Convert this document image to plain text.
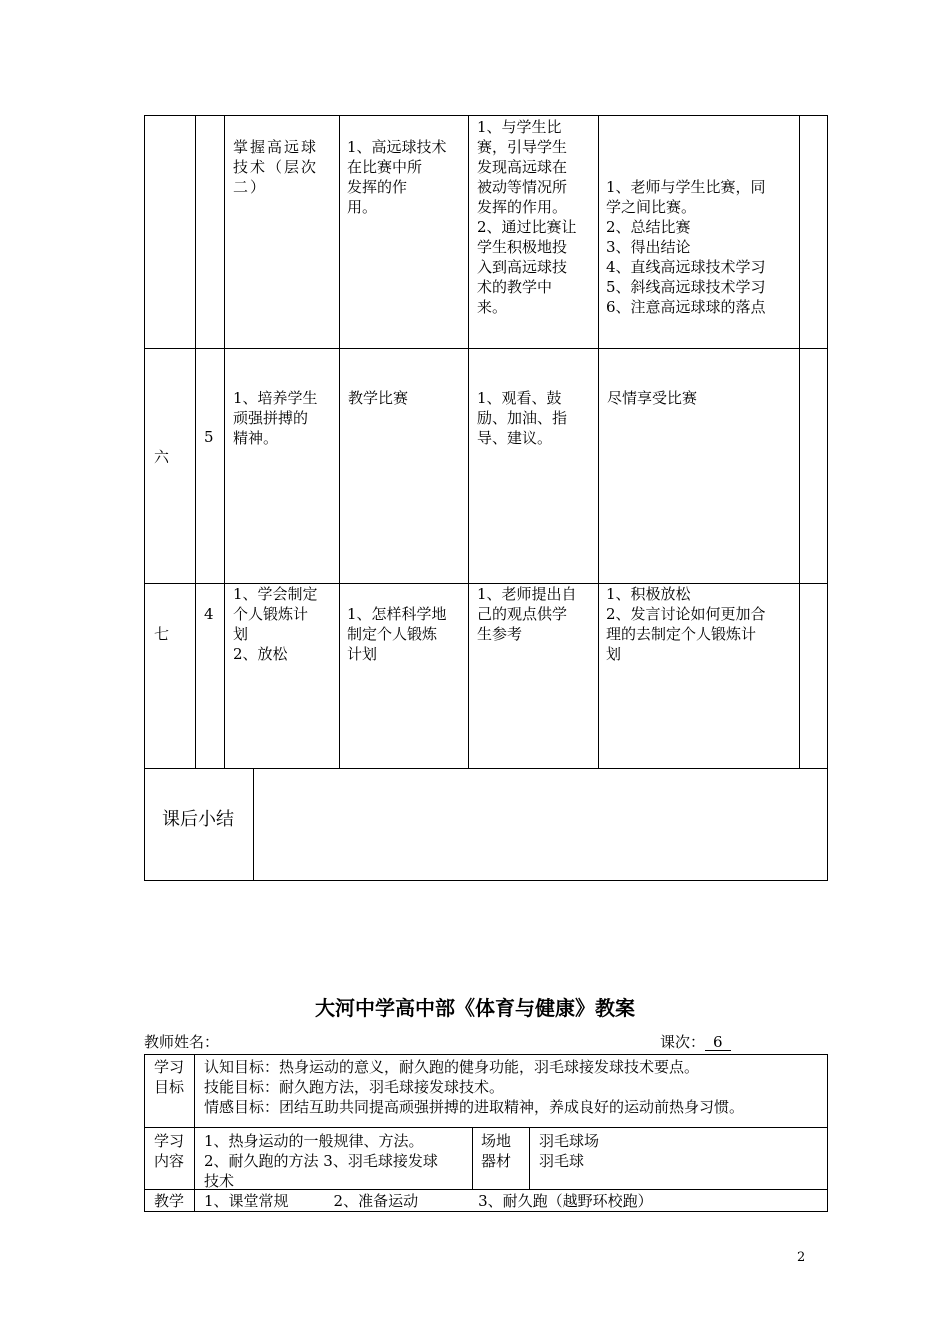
掌握高远球
技术（层次
二）
1、高远球技术
在比赛中所
发挥的作
用。
1、与学生比
赛，引导学生
发现高远球在
被动等情况所
发挥的作用。
2、通过比赛让
学生积极地投
入到高远球技
术的教学中
来。
1、老师与学生比赛，同
学之间比赛。
2、总结比赛
3、得出结论
4、直线高远球技术学习
5、斜线高远球技术学习
6、注意高远球球的落点
六
5
1、培养学生
顽强拼搏的
精神。
教学比赛	1、观看、鼓
励、加油、指
导、建议。
尽情享受比赛
七
4
1、学会制定
个人锻炼计
划
2、放松
1、怎样科学地
制定个人锻炼
计划
1、老师提出自
己的观点供学
生参考
1、积极放松
2、发言讨论如何更加合
理的去制定个人锻炼计
划
课后小结
大河中学高中部《体育与健康》教案
教师姓名：	课次： 6
学习
目标
认知目标：热身运动的意义，耐久跑的健身功能，羽毛球接发球技术要点。
技能目标：耐久跑方法，羽毛球接发球技术。
情感目标：团结互助共同提高顽强拼搏的进取精神，养成良好的运动前热身习惯。
学习
内容
1、热身运动的一般规律、方法。
2、耐久跑的方法 3、羽毛球接发球
技术
场地
器材
羽毛球场
羽毛球
教学 1、课堂常规　　　2、准备运动　　　　3、耐久跑（越野环校跑）
2
